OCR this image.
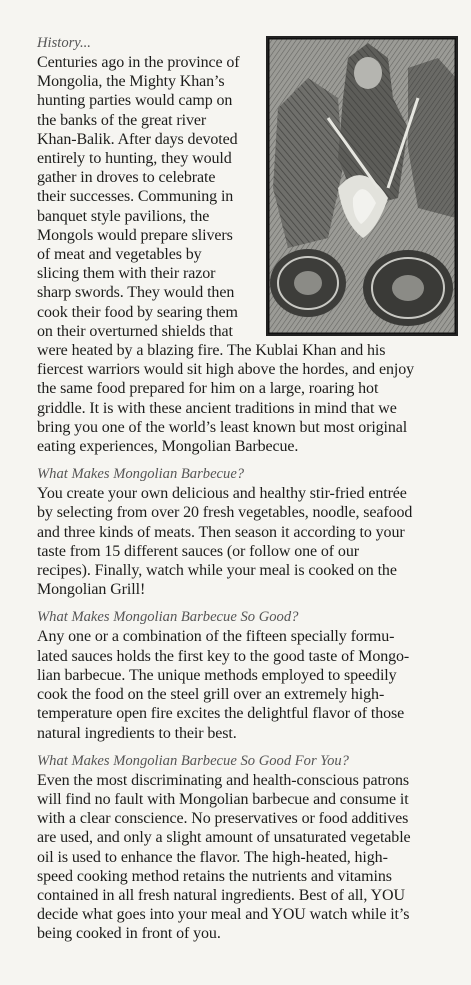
History...

Centuries ago in the province of

Mongolia, the Mighty Khan’s

hunting parties would camp on

the banks of the great river

Khan-Balik. After days devoted

entirely to hunting, they would

gather in droves to celebrate

their successes. Communing in

banquet style pavilions, the

Mongols would prepare slivers

of meat and vegetables by

slicing them with their razor

sharp swords. They would then

cook their food by searing them

on their overturned shields that

were heated by a blazing fire. The Kublai Khan and his

fiercest warriors would sit high above the hordes, and enjoy

the same food prepared for him on a large, roaring hot

griddle. It is with these ancient traditions in mind that we

bring you one of the world’s least known but most original

eating experiences, Mongolian Barbecue.

What Makes Mongolian Barbecue?

You create your own delicious and healthy stir-fried entrée

by selecting from over 20 fresh vegetables, noodle, seafood

and three kinds of meats. Then season it according to your

taste from 15 different sauces (or follow one of our

recipes). Finally, watch while your meal is cooked on the

Mongolian Grill!

What Makes Mongolian Barbecue So Good?

Any one or a combination of the fifteen specially formu-

lated sauces holds the first key to the good taste of Mongo-

lian barbecue. The unique methods employed to speedily

cook the food on the steel grill over an extremely high-

temperature open fire excites the delightful flavor of those

natural ingredients to their best.

What Makes Mongolian Barbecue So Good For You?

Even the most discriminating and health-conscious patrons

will find no fault with Mongolian barbecue and consume it

with a clear conscience. No preservatives or food additives

are used, and only a slight amount of unsaturated vegetable

oil is used to enhance the flavor. The high-heated, high-

speed cooking method retains the nutrients and vitamins

contained in all fresh natural ingredients. Best of all, YOU

decide what goes into your meal and YOU watch while it’s

being cooked in front of you.
